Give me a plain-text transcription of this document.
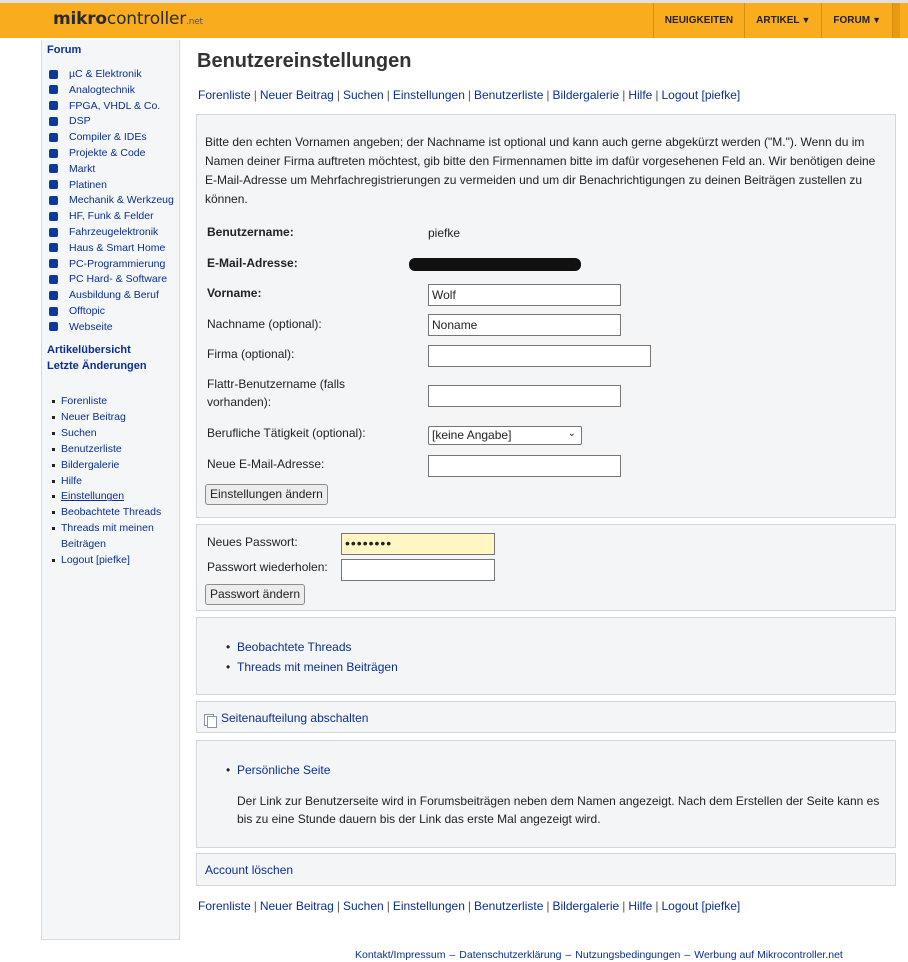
mikrocontroller.net	NEUIGKEITEN	ARTIKEL ▼	FORUM ▼
Forum
µC & Elektronik
Analogtechnik
FPGA, VHDL & Co.
DSP
Compiler & IDEs
Projekte & Code
Markt
Platinen
Mechanik & Werkzeug
HF, Funk & Felder
Fahrzeugelektronik
Haus & Smart Home
PC-Programmierung
PC Hard- & Software
Ausbildung & Beruf
Offtopic
Webseite
Artikelübersicht
Letzte Änderungen
Forenliste
Neuer Beitrag
Suchen
Benutzerliste
Bildergalerie
Hilfe
Einstellungen
Beobachtete Threads
Threads mit meinen
Beiträgen
Logout [piefke]
Benutzereinstellungen
Forenliste | Neuer Beitrag | Suchen | Einstellungen | Benutzerliste | Bildergalerie | Hilfe | Logout [piefke]
Bitte den echten Vornamen angeben; der Nachname ist optional und kann auch gerne abgekürzt werden ("M."). Wenn du im Namen deiner Firma auftreten möchtest, gib bitte den Firmennamen bitte im dafür vorgesehenen Feld an. Wir benötigen deine E-Mail-Adresse um Mehrfachregistrierungen zu vermeiden und um dir Benachrichtigungen zu deinen Beiträgen zustellen zu können.
Benutzername:	piefke
E-Mail-Adresse:
Vorname:	Wolf
Nachname (optional):	Noname
Firma (optional):
Flattr-Benutzername (falls vorhanden):
Berufliche Tätigkeit (optional):	[keine Angabe]	⌄
Neue E-Mail-Adresse:
Einstellungen ändern
Neues Passwort:	••••••••
Passwort wiederholen:
Passwort ändern
• Beobachtete Threads
• Threads mit meinen Beiträgen
Seitenaufteilung abschalten
• Persönliche Seite
Der Link zur Benutzerseite wird in Forumsbeiträgen neben dem Namen angezeigt. Nach dem Erstellen der Seite kann es bis zu eine Stunde dauern bis der Link das erste Mal angezeigt wird.
Account löschen
Forenliste | Neuer Beitrag | Suchen | Einstellungen | Benutzerliste | Bildergalerie | Hilfe | Logout [piefke]
Kontakt/Impressum – Datenschutzerklärung – Nutzungsbedingungen – Werbung auf Mikrocontroller.net
